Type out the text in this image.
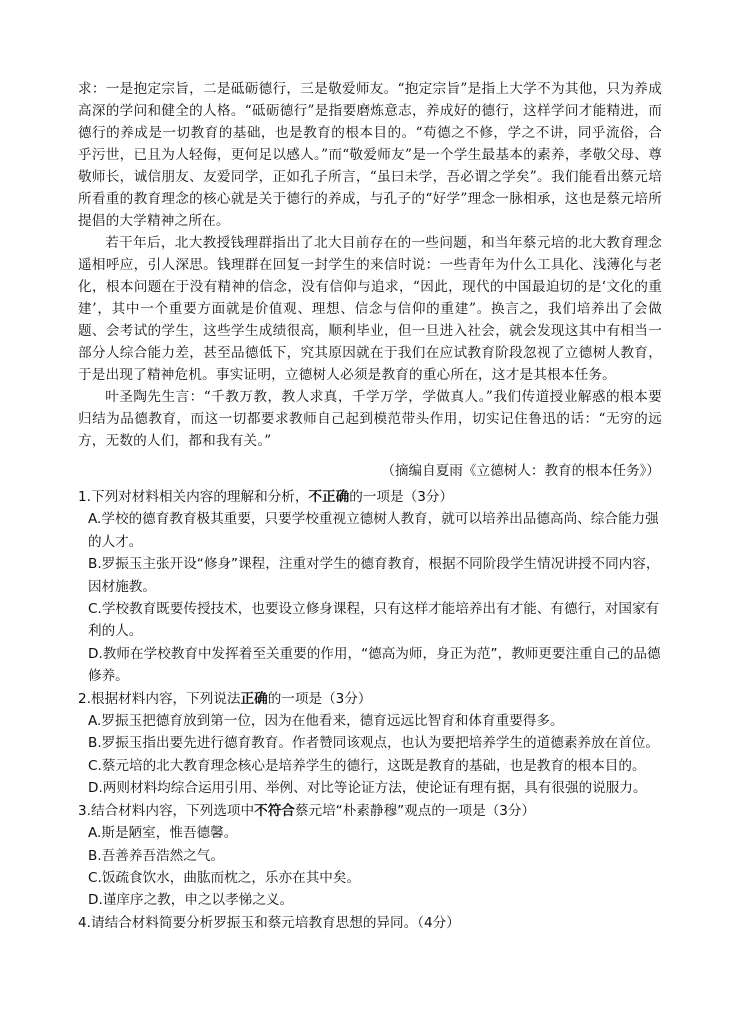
求：一是抱定宗旨，二是砥砺德行，三是敬爱师友。“抱定宗旨”是指上大学不为其他，只为养成高深的学问和健全的人格。“砥砺德行”是指要磨炼意志，养成好的德行，这样学问才能精进，而德行的养成是一切教育的基础，也是教育的根本目的。“苟德之不修，学之不讲，同乎流俗，合乎污世，已且为人轻侮，更何足以感人。”而“敬爱师友”是一个学生最基本的素养，孝敬父母、尊敬师长，诚信朋友、友爱同学，正如孔子所言，“虽曰未学，吾必谓之学矣”。我们能看出蔡元培所看重的教育理念的核心就是关于德行的养成，与孔子的“好学”理念一脉相承，这也是蔡元培所提倡的大学精神之所在。

若干年后，北大教授钱理群指出了北大目前存在的一些问题，和当年蔡元培的北大教育理念遥相呼应，引人深思。钱理群在回复一封学生的来信时说：一些青年为什么工具化、浅薄化与老化，根本问题在于没有精神的信念，没有信仰与追求，“因此，现代的中国最迫切的是‘文化的重建’，其中一个重要方面就是价值观、理想、信念与信仰的重建”。换言之，我们培养出了会做题、会考试的学生，这些学生成绩很高，顺利毕业，但一旦进入社会，就会发现这其中有相当一部分人综合能力差，甚至品德低下，究其原因就在于我们在应试教育阶段忽视了立德树人教育，于是出现了精神危机。事实证明，立德树人必须是教育的重心所在，这才是其根本任务。

叶圣陶先生言：“千教万教，教人求真，千学万学，学做真人。”我们传道授业解惑的根本要归结为品德教育，而这一切都要求教师自己起到模范带头作用，切实记住鲁迅的话：“无穷的远方，无数的人们，都和我有关。”

（摘编自夏雨《立德树人：教育的根本任务》）

1.下列对材料相关内容的理解和分析，不正确的一项是（3分）

A.学校的德育教育极其重要，只要学校重视立德树人教育，就可以培养出品德高尚、综合能力强的人才。

B.罗振玉主张开设“修身”课程，注重对学生的德育教育，根据不同阶段学生情况讲授不同内容，因材施教。

C.学校教育既要传授技术，也要设立修身课程，只有这样才能培养出有才能、有德行，对国家有利的人。

D.教师在学校教育中发挥着至关重要的作用，“德高为师，身正为范”，教师更要注重自己的品德修养。

2.根据材料内容，下列说法正确的一项是（3分）

A.罗振玉把德育放到第一位，因为在他看来，德育远远比智育和体育重要得多。

B.罗振玉指出要先进行德育教育。作者赞同该观点，也认为要把培养学生的道德素养放在首位。

C.蔡元培的北大教育理念核心是培养学生的德行，这既是教育的基础，也是教育的根本目的。

D.两则材料均综合运用引用、举例、对比等论证方法，使论证有理有据，具有很强的说服力。

3.结合材料内容，下列选项中不符合蔡元培“朴素静穆”观点的一项是（3分）

A.斯是陋室，惟吾德馨。

B.吾善养吾浩然之气。

C.饭疏食饮水，曲肱而枕之，乐亦在其中矣。

D.谨庠序之教，申之以孝悌之义。

4.请结合材料简要分析罗振玉和蔡元培教育思想的异同。（4分）
